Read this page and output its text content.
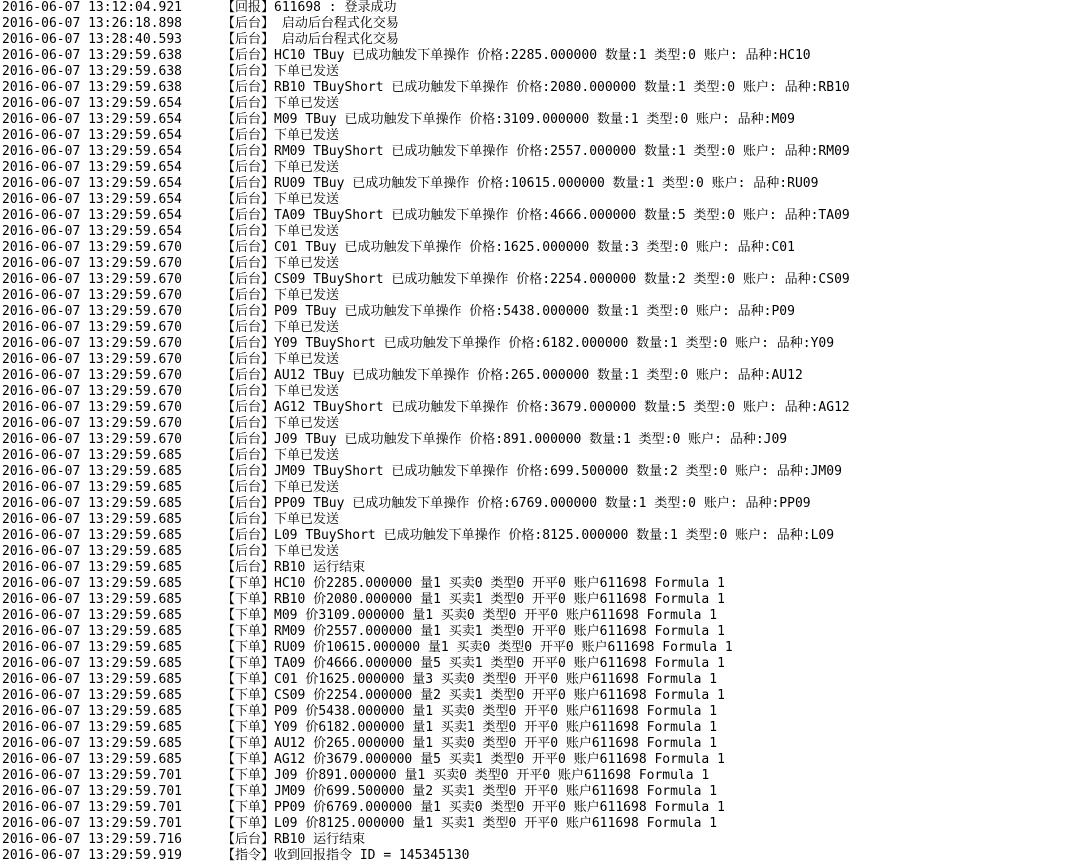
2016-06-07 13:12:04.921	【回报】 611698 : 登录成功
2016-06-07 13:26:18.898	【后台】 启动后台程式化交易
2016-06-07 13:28:40.593	【后台】 启动后台程式化交易
2016-06-07 13:29:59.638	【后台】 HC10 TBuy 已成功触发下单操作 价格:2285.000000 数量:1 类型:0 账户: 品种:HC10
2016-06-07 13:29:59.638	【后台】 下单已发送
2016-06-07 13:29:59.638	【后台】 RB10 TBuyShort 已成功触发下单操作 价格:2080.000000 数量:1 类型:0 账户: 品种:RB10
2016-06-07 13:29:59.654	【后台】 下单已发送
2016-06-07 13:29:59.654	【后台】 M09 TBuy 已成功触发下单操作 价格:3109.000000 数量:1 类型:0 账户: 品种:M09
2016-06-07 13:29:59.654	【后台】 下单已发送
2016-06-07 13:29:59.654	【后台】 RM09 TBuyShort 已成功触发下单操作 价格:2557.000000 数量:1 类型:0 账户: 品种:RM09
2016-06-07 13:29:59.654	【后台】 下单已发送
2016-06-07 13:29:59.654	【后台】 RU09 TBuy 已成功触发下单操作 价格:10615.000000 数量:1 类型:0 账户: 品种:RU09
2016-06-07 13:29:59.654	【后台】 下单已发送
2016-06-07 13:29:59.654	【后台】 TA09 TBuyShort 已成功触发下单操作 价格:4666.000000 数量:5 类型:0 账户: 品种:TA09
2016-06-07 13:29:59.654	【后台】 下单已发送
2016-06-07 13:29:59.670	【后台】 C01 TBuy 已成功触发下单操作 价格:1625.000000 数量:3 类型:0 账户: 品种:C01
2016-06-07 13:29:59.670	【后台】 下单已发送
2016-06-07 13:29:59.670	【后台】 CS09 TBuyShort 已成功触发下单操作 价格:2254.000000 数量:2 类型:0 账户: 品种:CS09
2016-06-07 13:29:59.670	【后台】 下单已发送
2016-06-07 13:29:59.670	【后台】 P09 TBuy 已成功触发下单操作 价格:5438.000000 数量:1 类型:0 账户: 品种:P09
2016-06-07 13:29:59.670	【后台】 下单已发送
2016-06-07 13:29:59.670	【后台】 Y09 TBuyShort 已成功触发下单操作 价格:6182.000000 数量:1 类型:0 账户: 品种:Y09
2016-06-07 13:29:59.670	【后台】 下单已发送
2016-06-07 13:29:59.670	【后台】 AU12 TBuy 已成功触发下单操作 价格:265.000000 数量:1 类型:0 账户: 品种:AU12
2016-06-07 13:29:59.670	【后台】 下单已发送
2016-06-07 13:29:59.670	【后台】 AG12 TBuyShort 已成功触发下单操作 价格:3679.000000 数量:5 类型:0 账户: 品种:AG12
2016-06-07 13:29:59.670	【后台】 下单已发送
2016-06-07 13:29:59.670	【后台】 J09 TBuy 已成功触发下单操作 价格:891.000000 数量:1 类型:0 账户: 品种:J09
2016-06-07 13:29:59.685	【后台】 下单已发送
2016-06-07 13:29:59.685	【后台】 JM09 TBuyShort 已成功触发下单操作 价格:699.500000 数量:2 类型:0 账户: 品种:JM09
2016-06-07 13:29:59.685	【后台】 下单已发送
2016-06-07 13:29:59.685	【后台】 PP09 TBuy 已成功触发下单操作 价格:6769.000000 数量:1 类型:0 账户: 品种:PP09
2016-06-07 13:29:59.685	【后台】 下单已发送
2016-06-07 13:29:59.685	【后台】 L09 TBuyShort 已成功触发下单操作 价格:8125.000000 数量:1 类型:0 账户: 品种:L09
2016-06-07 13:29:59.685	【后台】 下单已发送
2016-06-07 13:29:59.685	【后台】 RB10 运行结束
2016-06-07 13:29:59.685	【下单】 HC10 价2285.000000 量1 买卖0 类型0 开平0 账户611698 Formula 1
2016-06-07 13:29:59.685	【下单】 RB10 价2080.000000 量1 买卖1 类型0 开平0 账户611698 Formula 1
2016-06-07 13:29:59.685	【下单】 M09 价3109.000000 量1 买卖0 类型0 开平0 账户611698 Formula 1
2016-06-07 13:29:59.685	【下单】 RM09 价2557.000000 量1 买卖1 类型0 开平0 账户611698 Formula 1
2016-06-07 13:29:59.685	【下单】 RU09 价10615.000000 量1 买卖0 类型0 开平0 账户611698 Formula 1
2016-06-07 13:29:59.685	【下单】 TA09 价4666.000000 量5 买卖1 类型0 开平0 账户611698 Formula 1
2016-06-07 13:29:59.685	【下单】 C01 价1625.000000 量3 买卖0 类型0 开平0 账户611698 Formula 1
2016-06-07 13:29:59.685	【下单】 CS09 价2254.000000 量2 买卖1 类型0 开平0 账户611698 Formula 1
2016-06-07 13:29:59.685	【下单】 P09 价5438.000000 量1 买卖0 类型0 开平0 账户611698 Formula 1
2016-06-07 13:29:59.685	【下单】 Y09 价6182.000000 量1 买卖1 类型0 开平0 账户611698 Formula 1
2016-06-07 13:29:59.685	【下单】 AU12 价265.000000 量1 买卖0 类型0 开平0 账户611698 Formula 1
2016-06-07 13:29:59.685	【下单】 AG12 价3679.000000 量5 买卖1 类型0 开平0 账户611698 Formula 1
2016-06-07 13:29:59.701	【下单】 J09 价891.000000 量1 买卖0 类型0 开平0 账户611698 Formula 1
2016-06-07 13:29:59.701	【下单】 JM09 价699.500000 量2 买卖1 类型0 开平0 账户611698 Formula 1
2016-06-07 13:29:59.701	【下单】 PP09 价6769.000000 量1 买卖0 类型0 开平0 账户611698 Formula 1
2016-06-07 13:29:59.701	【下单】 L09 价8125.000000 量1 买卖1 类型0 开平0 账户611698 Formula 1
2016-06-07 13:29:59.716	【后台】 RB10 运行结束
2016-06-07 13:29:59.919	【指令】 收到回报指令 ID = 145345130
